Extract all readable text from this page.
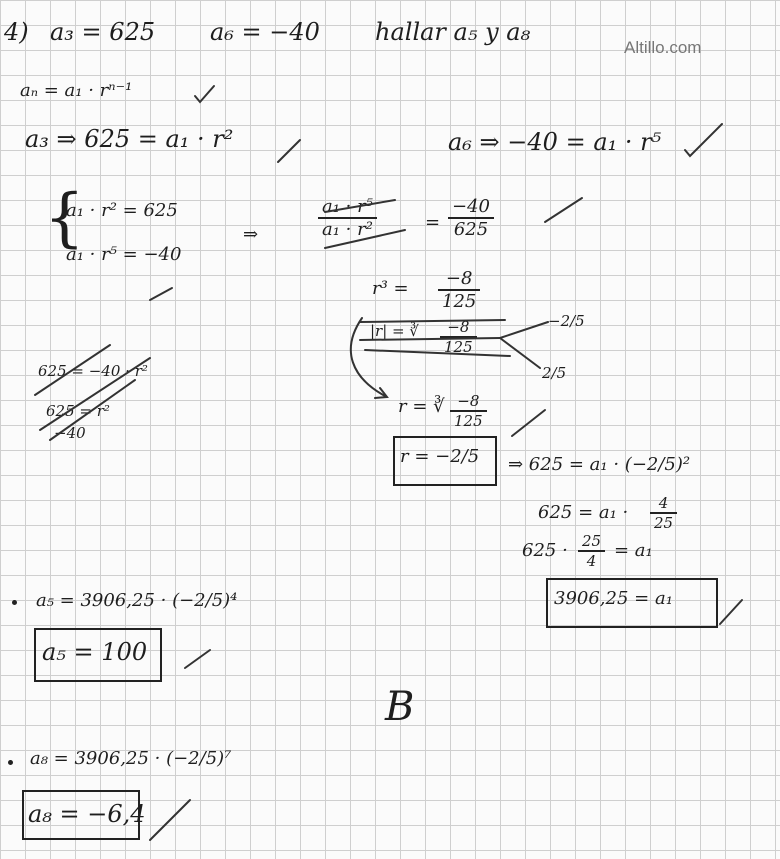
Altillo.com
4) a₃ = 625 a₆ = −40 hallar a₅ y a₈
aₙ = a₁ · rⁿ⁻¹
a₃ ⇒ 625 = a₁ · r²	a₆ ⇒ −40 = a₁ · r⁵
{
a₁ · r² = 625
a₁ · r⁵ = −40
⇒	$\frac{\text{a₁ · r⁵}}{\text{a₁ · r²}}$	= $\frac{-40}{625}$
$r^3 = \frac{-8}{125}$
|r| = ∛ $\frac{-8}{125}$	−2/5
2/5
r = ∛ $\frac{-8}{125}$
r = −2/5
625 = −40 · r²
625 = r²
−40
⇒ 625 = a₁ · (−2/5)²
$625 = a_1 \cdot \frac{4}{25}$
$625 \cdot \frac{25}{4} = a_1$
3906,25 = a₁
a₅ = 3906,25 · (−2/5)⁴
a₅ = 100
B
a₈ = 3906,25 · (−2/5)⁷
a₈ = −6,4
